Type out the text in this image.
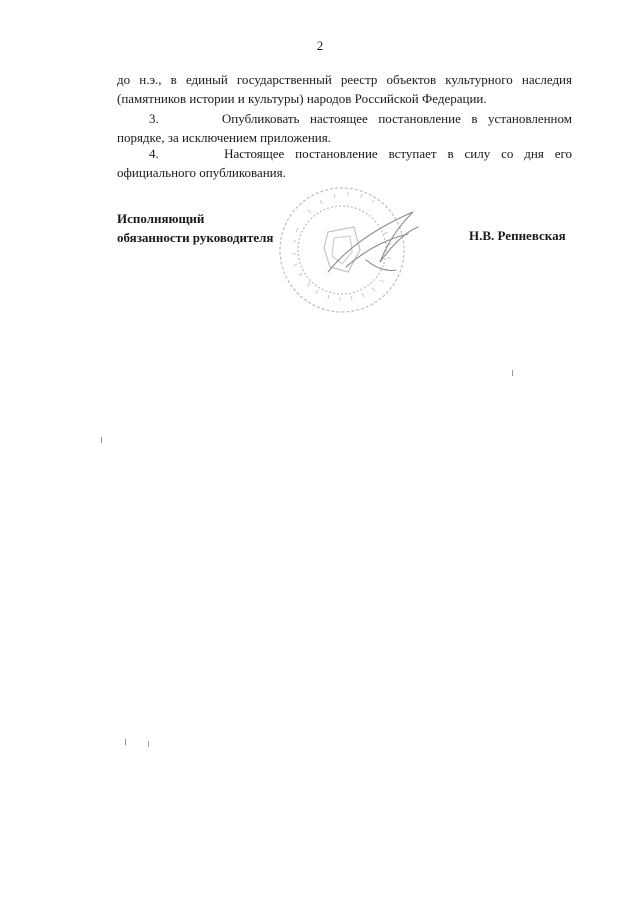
2
до н.э., в единый государственный реестр объектов культурного наследия
(памятников истории и культуры) народов Российской Федерации.
3.      Опубликовать настоящее постановление в установленном
порядке, за исключением приложения.
4.      Настоящее постановление вступает в силу со дня его
официального опубликования.
Исполняющий
обязанности руководителя	Н.В. Репневская
